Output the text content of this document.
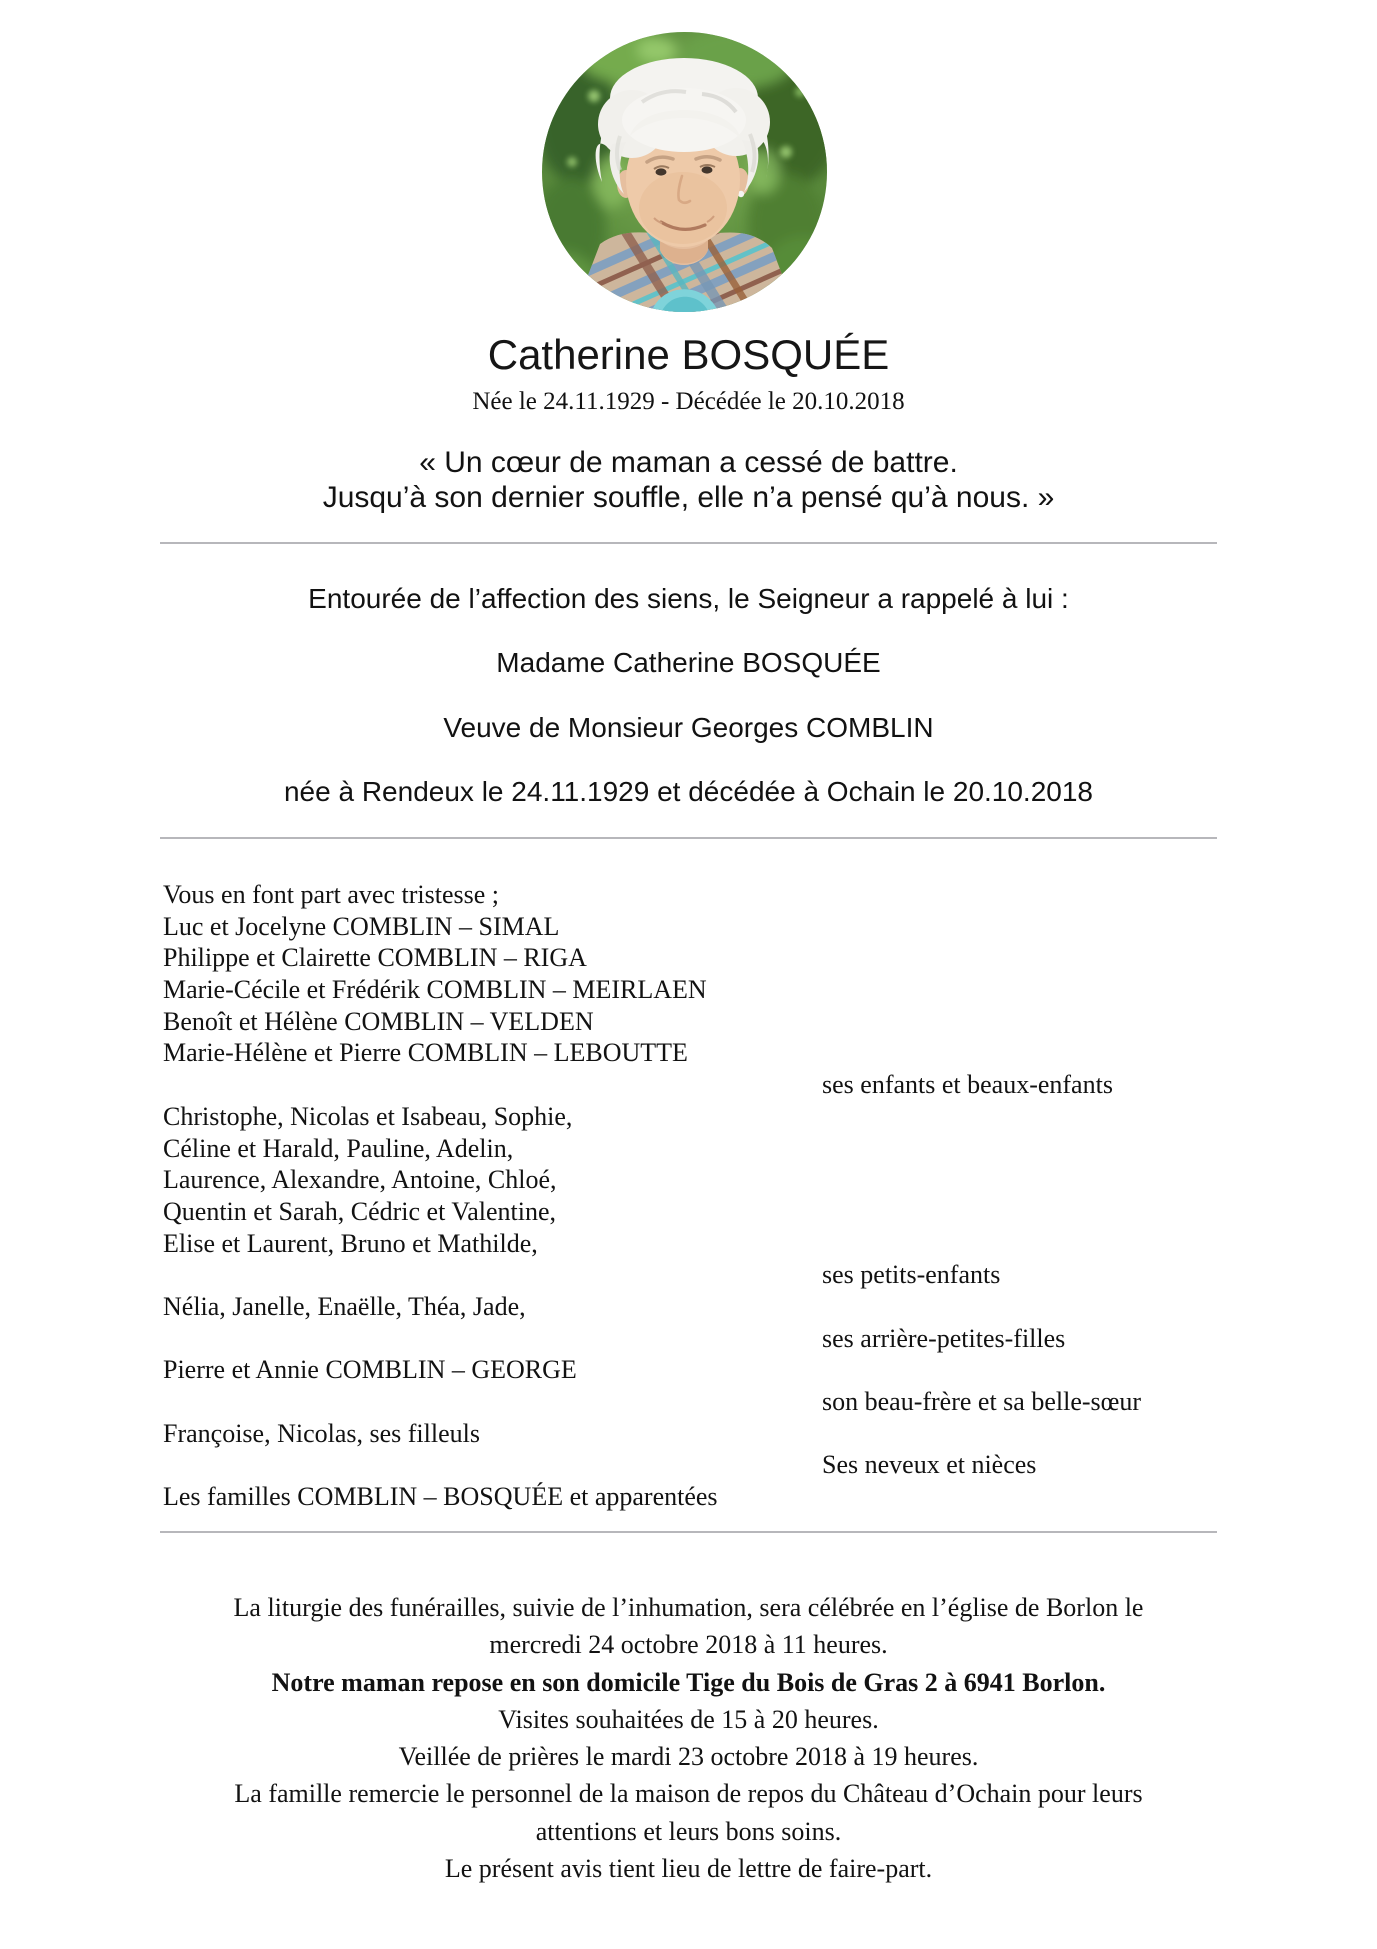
Catherine BOSQUÉE
Née le 24.11.1929 - Décédée le 20.10.2018
« Un cœur de maman a cessé de battre.
Jusqu’à son dernier souffle, elle n’a pensé qu’à nous. »
Entourée de l’affection des siens, le Seigneur a rappelé à lui :
Madame Catherine BOSQUÉE
Veuve de Monsieur Georges COMBLIN
née à Rendeux le 24.11.1929 et décédée à Ochain le 20.10.2018
Vous en font part avec tristesse ;
Luc et Jocelyne COMBLIN – SIMAL
Philippe et Clairette COMBLIN – RIGA
Marie-Cécile et Frédérik COMBLIN – MEIRLAEN
Benoît et Hélène COMBLIN – VELDEN
Marie-Hélène et Pierre COMBLIN – LEBOUTTE
ses enfants et beaux-enfants
Christophe, Nicolas et Isabeau, Sophie,
Céline et Harald, Pauline, Adelin,
Laurence, Alexandre, Antoine, Chloé,
Quentin et Sarah, Cédric et Valentine,
Elise et Laurent, Bruno et Mathilde,
ses petits-enfants
Nélia, Janelle, Enaëlle, Théa, Jade,
ses arrière-petites-filles
Pierre et Annie COMBLIN – GEORGE
son beau-frère et sa belle-sœur
Françoise, Nicolas, ses filleuls
Ses neveux et nièces
Les familles COMBLIN – BOSQUÉE et apparentées
La liturgie des funérailles, suivie de l’inhumation, sera célébrée en l’église de Borlon le
mercredi 24 octobre 2018 à 11 heures.
Notre maman repose en son domicile Tige du Bois de Gras 2 à 6941 Borlon.
Visites souhaitées de 15 à 20 heures.
Veillée de prières le mardi 23 octobre 2018 à 19 heures.
La famille remercie le personnel de la maison de repos du Château d’Ochain pour leurs
attentions et leurs bons soins.
Le présent avis tient lieu de lettre de faire-part.
